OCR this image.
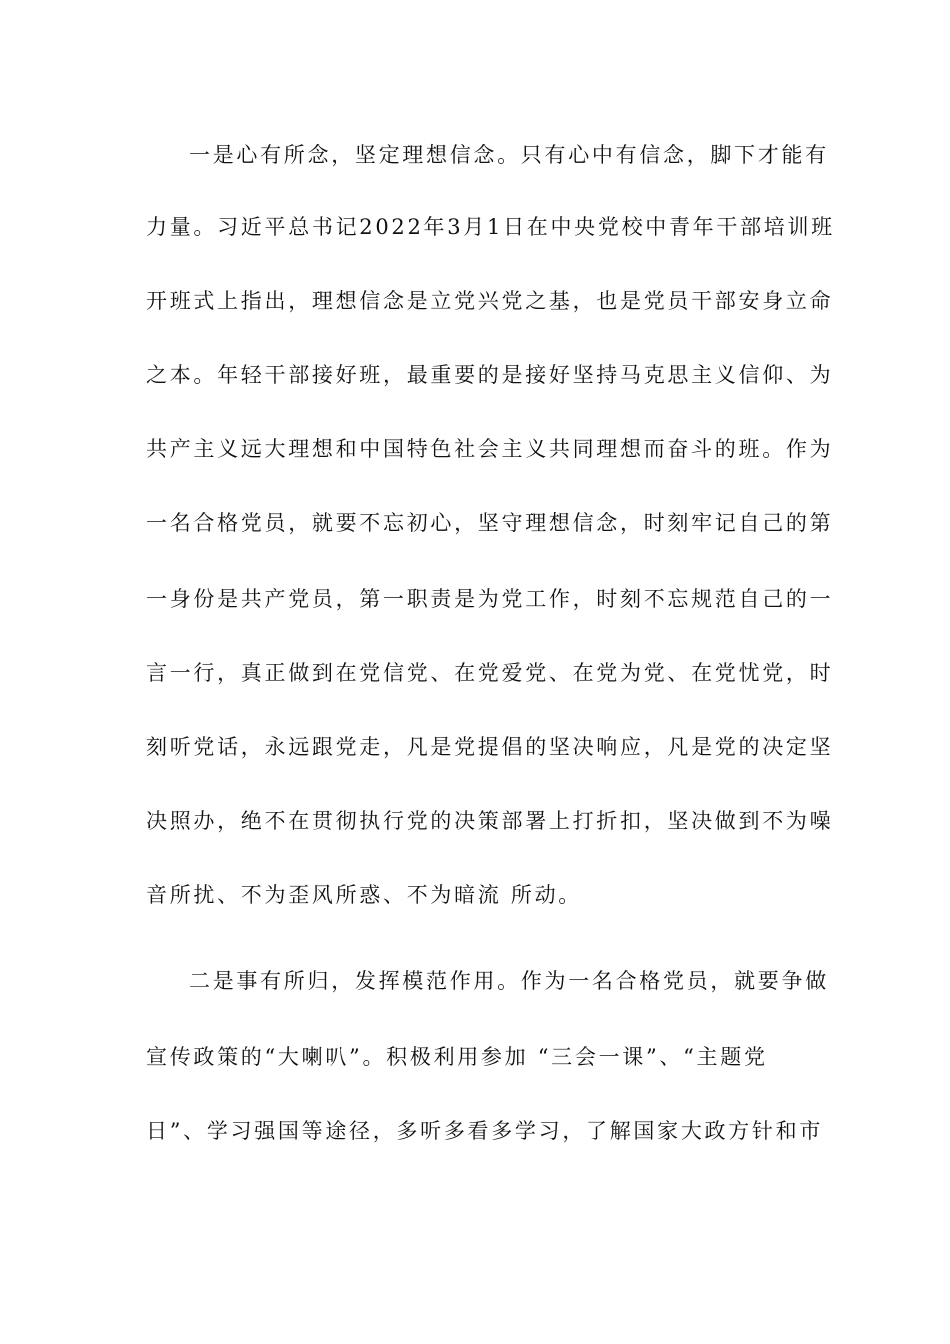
一是心有所念，坚定理想信念。只有心中有信念，脚下才能有
力量。习近平总书记2022年3月1日在中央党校中青年干部培训班
开班式上指出，理想信念是立党兴党之基，也是党员干部安身立命
之本。年轻干部接好班，最重要的是接好坚持马克思主义信仰、为
共产主义远大理想和中国特色社会主义共同理想而奋斗的班。作为
一名合格党员，就要不忘初心，坚守理想信念，时刻牢记自己的第
一身份是共产党员，第一职责是为党工作，时刻不忘规范自己的一
言一行，真正做到在党信党、在党爱党、在党为党、在党忧党，时
刻听党话，永远跟党走，凡是党提倡的坚决响应，凡是党的决定坚
决照办，绝不在贯彻执行党的决策部署上打折扣，坚决做到不为噪
音所扰、不为歪风所惑、不为暗流 所动。
二是事有所归，发挥模范作用。作为一名合格党员，就要争做
宣传政策的“大喇叭”。积极利用参加 “三会一课”、“主题党
日”、学习强国等途径，多听多看多学习，了解国家大政方针和市
